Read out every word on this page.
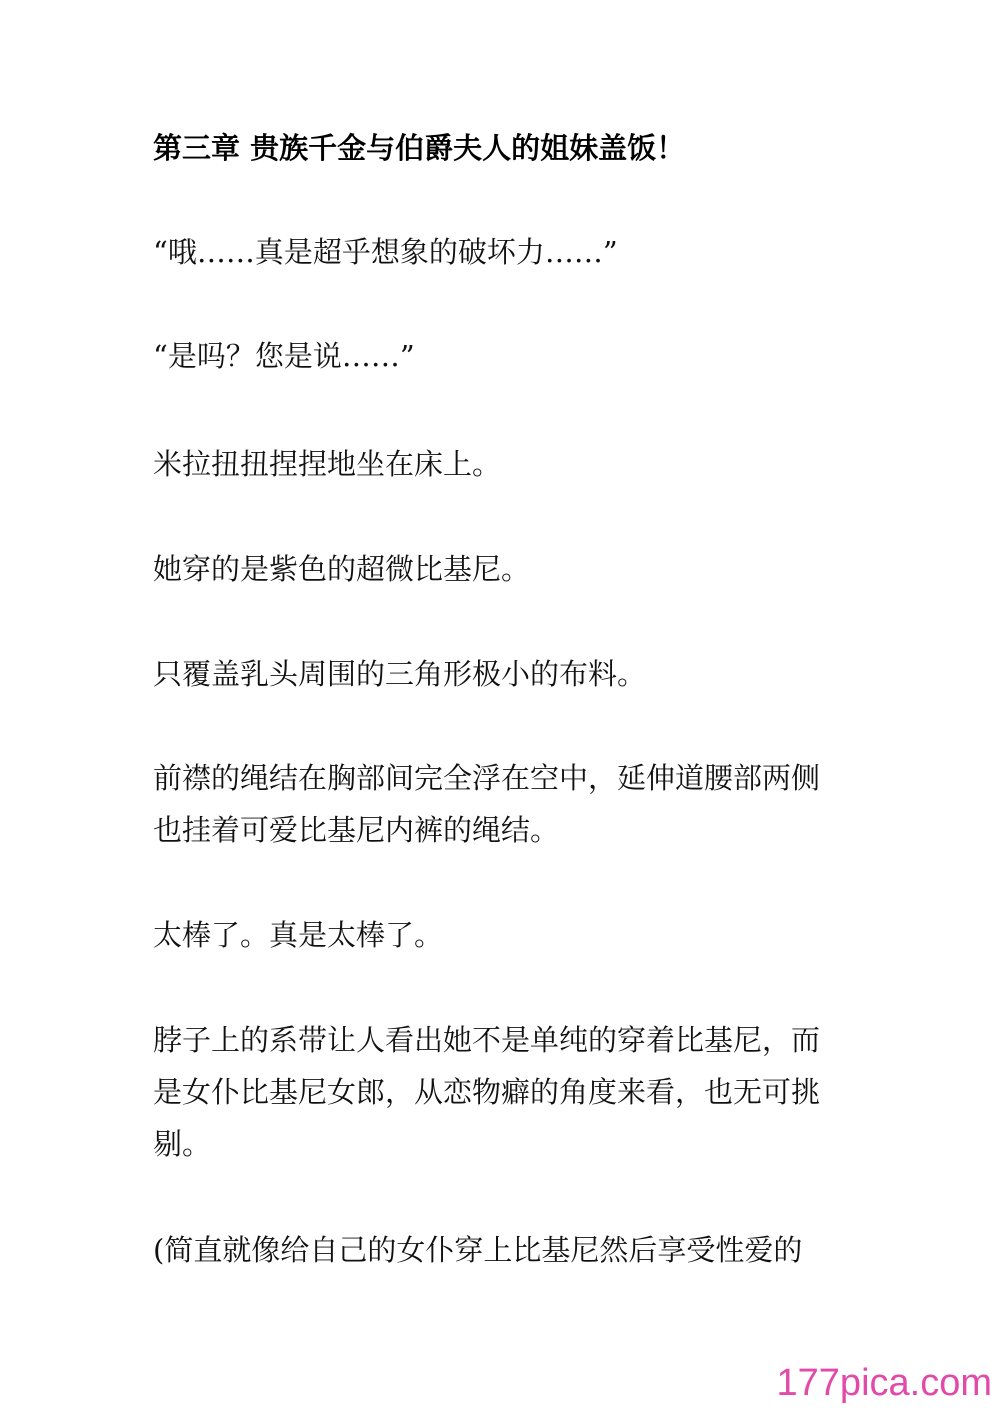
第三章 贵族千金与伯爵夫人的姐妹盖饭！
“哦……真是超乎想象的破坏力……”
“是吗？您是说……”
米拉扭扭捏捏地坐在床上。
她穿的是紫色的超微比基尼。
只覆盖乳头周围的三角形极小的布料。
前襟的绳结在胸部间完全浮在空中，延伸道腰部两侧
也挂着可爱比基尼内裤的绳结。
太棒了。真是太棒了。
脖子上的系带让人看出她不是单纯的穿着比基尼，而
是女仆比基尼女郎，从恋物癖的角度来看，也无可挑
剔。
(简直就像给自己的女仆穿上比基尼然后享受性爱的
177pica.com
